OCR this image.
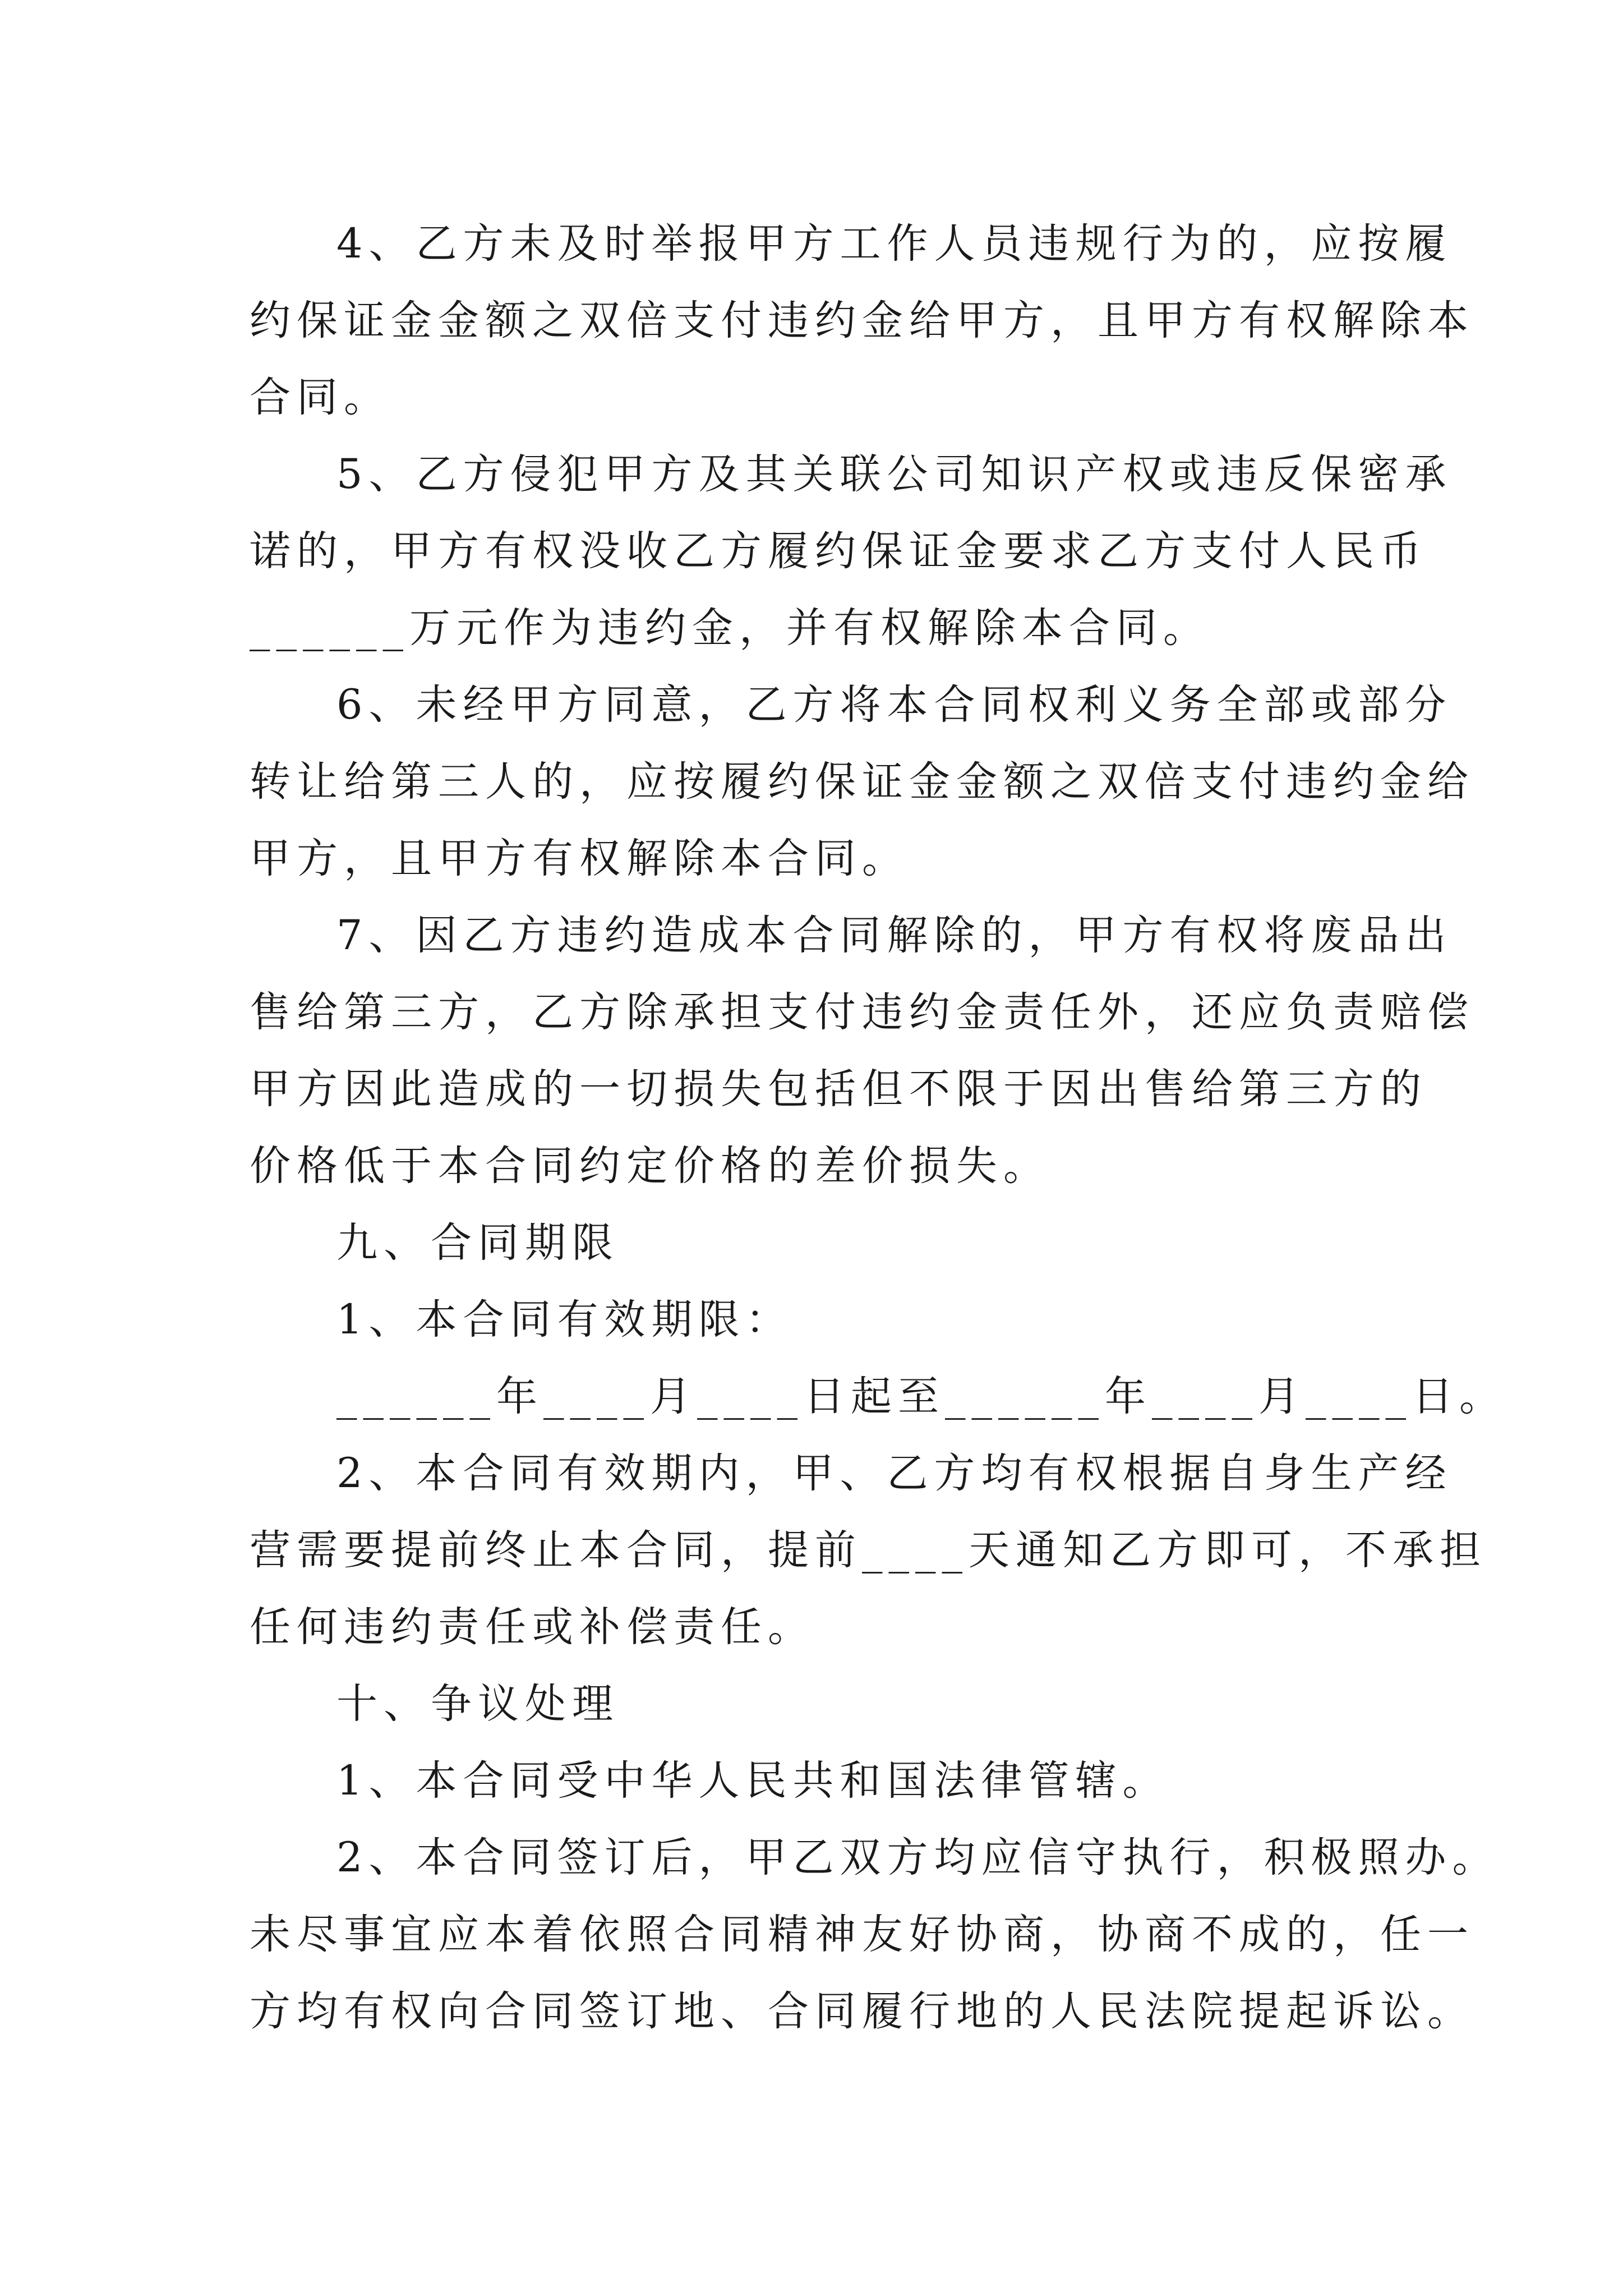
4、乙方未及时举报甲方工作人员违规行为的，应按履
约保证金金额之双倍支付违约金给甲方，且甲方有权解除本
合同。
5、乙方侵犯甲方及其关联公司知识产权或违反保密承
诺的，甲方有权没收乙方履约保证金要求乙方支付人民币
______万元作为违约金，并有权解除本合同。
6、未经甲方同意，乙方将本合同权利义务全部或部分
转让给第三人的，应按履约保证金金额之双倍支付违约金给
甲方，且甲方有权解除本合同。
7、因乙方违约造成本合同解除的，甲方有权将废品出
售给第三方，乙方除承担支付违约金责任外，还应负责赔偿
甲方因此造成的一切损失包括但不限于因出售给第三方的
价格低于本合同约定价格的差价损失。
九、合同期限
1、本合同有效期限：
______年____月____日起至______年____月____日。
2、本合同有效期内，甲、乙方均有权根据自身生产经
营需要提前终止本合同，提前____天通知乙方即可，不承担
任何违约责任或补偿责任。
十、争议处理
1、本合同受中华人民共和国法律管辖。
2、本合同签订后，甲乙双方均应信守执行，积极照办。
未尽事宜应本着依照合同精神友好协商，协商不成的，任一
方均有权向合同签订地、合同履行地的人民法院提起诉讼。
